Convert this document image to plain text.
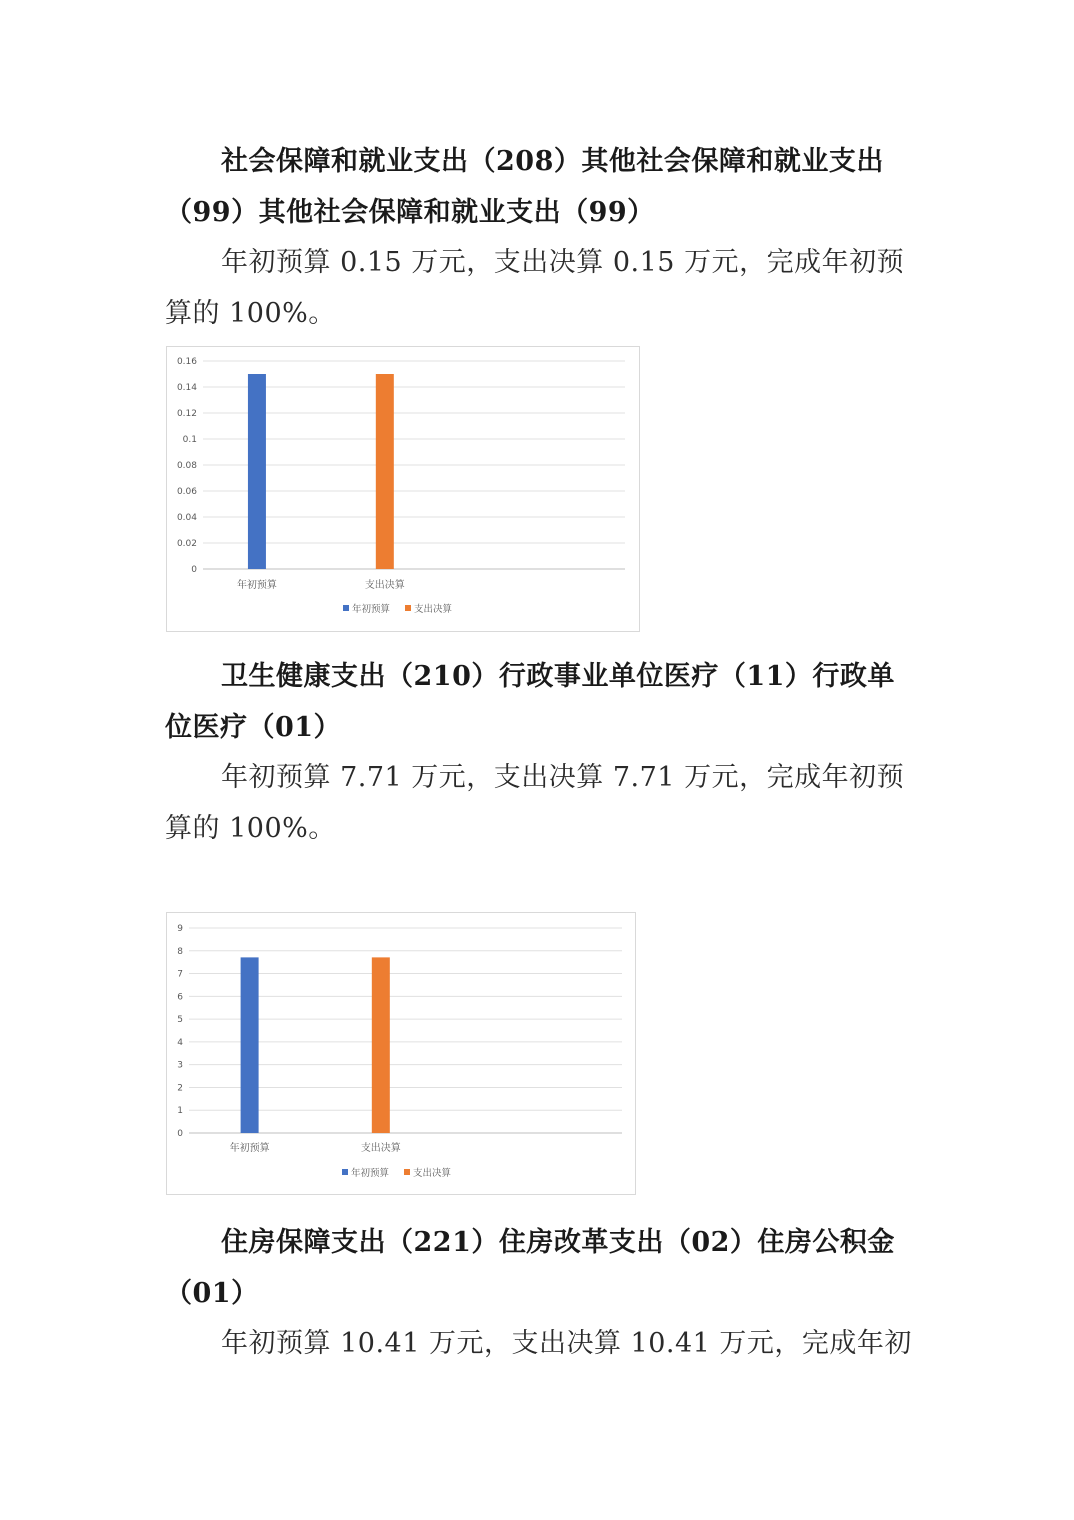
社会保障和就业支出（208）其他社会保障和就业支出（99）其他社会保障和就业支出（99）

年初预算 0.15 万元，支出决算 0.15 万元，完成年初预算的 100%。

0
0.02
0.04
0.06
0.08
0.1
0.12
0.14
0.16
年初预算	支出决算
年初预算	支出决算

卫生健康支出（210）行政事业单位医疗（11）行政单位医疗（01）

年初预算 7.71 万元，支出决算 7.71 万元，完成年初预算的 100%。

0
1
2
3
4
5
6
7
8
9
年初预算	支出决算
年初预算	支出决算

住房保障支出（221）住房改革支出（02）住房公积金（01）

年初预算 10.41 万元，支出决算 10.41 万元，完成年初
